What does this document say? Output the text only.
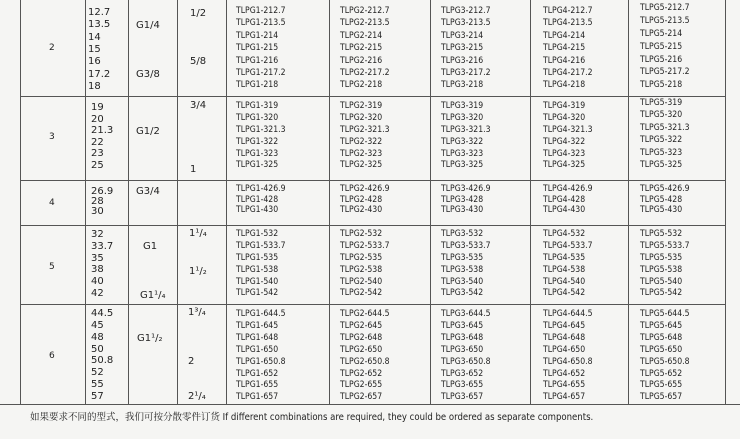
2
12.7
13.5
14
15
16
17.2
18
G1/4
G3/8
1/2
5/8
TLPG1-212.7
TLPG1-213.5
TLPG1-214
TLPG1-215
TLPG1-216
TLPG1-217.2
TLPG1-218
TLPG2-212.7
TLPG2-213.5
TLPG2-214
TLPG2-215
TLPG2-216
TLPG2-217.2
TLPG2-218
TLPG3-212.7
TLPG3-213.5
TLPG3-214
TLPG3-215
TLPG3-216
TLPG3-217.2
TLPG3-218
TLPG4-212.7
TLPG4-213.5
TLPG4-214
TLPG4-215
TLPG4-216
TLPG4-217.2
TLPG4-218
TLPG5-212.7
TLPG5-213.5
TLPG5-214
TLPG5-215
TLPG5-216
TLPG5-217.2
TLPG5-218
3
19
20
21.3
22
23
25
G1/2
3/4
1
TLPG1-319
TLPG1-320
TLPG1-321.3
TLPG1-322
TLPG1-323
TLPG1-325
TLPG2-319
TLPG2-320
TLPG2-321.3
TLPG2-322
TLPG2-323
TLPG2-325
TLPG3-319
TLPG3-320
TLPG3-321.3
TLPG3-322
TLPG3-323
TLPG3-325
TLPG4-319
TLPG4-320
TLPG4-321.3
TLPG4-322
TLPG4-323
TLPG4-325
TLPG5-319
TLPG5-320
TLPG5-321.3
TLPG5-322
TLPG5-323
TLPG5-325
4
26.9
28
30
G3/4	TLPG1-426.9
TLPG1-428
TLPG1-430
TLPG2-426.9
TLPG2-428
TLPG2-430
TLPG3-426.9
TLPG3-428
TLPG3-430
TLPG4-426.9
TLPG4-428
TLPG4-430
TLPG5-426.9
TLPG5-428
TLPG5-430
5
32
33.7
35
38
40
42
G1
G1¹/₄
1¹/₄
1¹/₂
TLPG1-532
TLPG1-533.7
TLPG1-535
TLPG1-538
TLPG1-540
TLPG1-542
TLPG2-532
TLPG2-533.7
TLPG2-535
TLPG2-538
TLPG2-540
TLPG2-542
TLPG3-532
TLPG3-533.7
TLPG3-535
TLPG3-538
TLPG3-540
TLPG3-542
TLPG4-532
TLPG4-533.7
TLPG4-535
TLPG4-538
TLPG4-540
TLPG4-542
TLPG5-532
TLPG5-533.7
TLPG5-535
TLPG5-538
TLPG5-540
TLPG5-542
6
44.5
45
48
50
50.8
52
55
57
G1¹/₂
1³/₄
2
2¹/₄
TLPG1-644.5
TLPG1-645
TLPG1-648
TLPG1-650
TLPG1-650.8
TLPG1-652
TLPG1-655
TLPG1-657
TLPG2-644.5
TLPG2-645
TLPG2-648
TLPG2-650
TLPG2-650.8
TLPG2-652
TLPG2-655
TLPG2-657
TLPG3-644.5
TLPG3-645
TLPG3-648
TLPG3-650
TLPG3-650.8
TLPG3-652
TLPG3-655
TLPG3-657
TLPG4-644.5
TLPG4-645
TLPG4-648
TLPG4-650
TLPG4-650.8
TLPG4-652
TLPG4-655
TLPG4-657
TLPG5-644.5
TLPG5-645
TLPG5-648
TLPG5-650
TLPG5-650.8
TLPG5-652
TLPG5-655
TLPG5-657
如果要求不同的型式，我们可按分散零件订货 If different combinations are required, they could be ordered as separate components.
